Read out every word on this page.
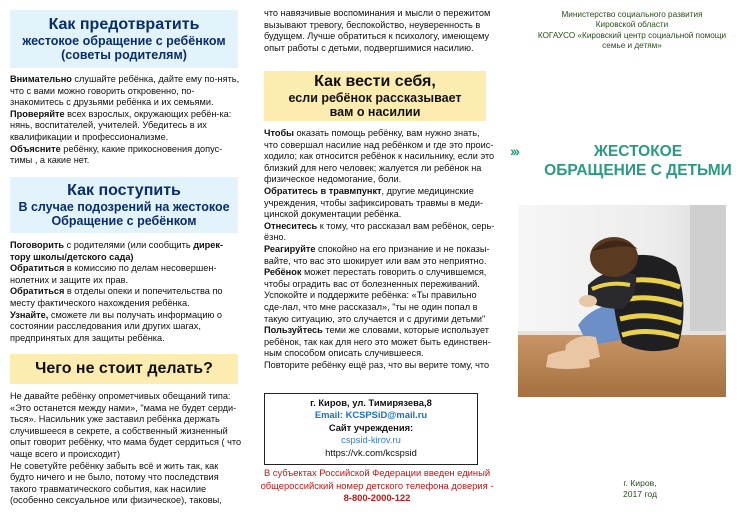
Как предотвратить
жестокое обращение с ребёнком
(советы родителям)

Внимательно слушайте ребёнка, дайте ему по-нять, что с вами можно говорить откровенно, по-знакомитесь с друзьями ребёнка и их семьями.

Проверяйте всех взрослых, окружающих ребён-ка: нянь, воспитателей, учителей. Убедитесь в их квалификации и профессионализме.

Объясните ребёнку, какие прикосновения допус-тимы , а какие нет.

Как поступить
В случае подозрений на жестокое
Обращение с ребёнком

Поговорить с родителями (или сообщить дирек-тору школы/детского сада)

Обратиться в комиссию по делам несовершен-нолетних и защите их прав.

Обратиться в отделы опеки и попечительства по месту фактического нахождения ребёнка.

Узнайте, сможете ли вы получать информацию о состоянии расследования или других шагах, предпринятых для защиты ребёнка.

Чего не стоит делать?

Не давайте ребёнку опрометчивых обещаний типа: «Это останется между нами», "мама не будет серди-ться». Насильник уже заставил ребёнка держать случившееся в секрете, а собственный жизненный опыт говорит ребёнку, что мама будет сердиться ( что чаще всего и происходит)

Не советуйте ребёнку забыть всё и жить так, как будто ничего и не было, потому что последствия такого травматического события, как насилие (особенно сексуальное или физическое), таковы,

что навязчивые воспоминания и мысли о пережитом вызывают тревогу, беспокойство, неуверенность в будущем. Лучше обратиться к психологу, имеющему опыт работы с детьми, подвергшимися насилию.
Как вести себя,
если ребёнок рассказывает
вам о насилии

Чтобы оказать помощь ребёнку, вам нужно знать, что совершал насилие над ребёнком и где это проис-ходило; как относится ребёнок к насильнику, если это близкий для него человек; жалуется ли ребёнок на физическое недомогание, боли.

Обратитесь в травмпункт, другие медицинские учреждения, чтобы зафиксировать травмы в меди-цинской документации ребёнка.

Отнеситесь к тому, что рассказал вам ребёнок, серь-ёзно.

Реагируйте спокойно на его признание и не показы-вайте, что вас это шокирует или вам это неприятно.

Ребёнок может перестать говорить о случившемся, чтобы оградить вас от болезненных переживаний. Успокойте и поддержите ребёнка: «Ты правильно сде-лал, что мне рассказал», "ты не один попал в такую ситуацию, это случается и с другими детьми"

Пользуйтесь теми же словами, которые использует ребёнок, так как для него это может быть единствен-ным способом описать случившееся.

Повторите ребёнку ещё раз, что вы верите тому, что

г. Киров, ул. Тимирязева,8
Email: KCSPSiD@mail.ru
Сайт учреждения:
cspsid-kirov.ru
https://vk.com/kcspsid
В субъектах Российской Федерации введен единый общероссийский номер детского телефона доверия -
8-800-2000-122
Министерство социального развития
Кировской области
КОГАУСО «Кировский центр социальной помощи
семье и детям»
›››	ЖЕСТОКОЕ
ОБРАЩЕНИЕ С ДЕТЬМИ
г. Киров,
2017 год
